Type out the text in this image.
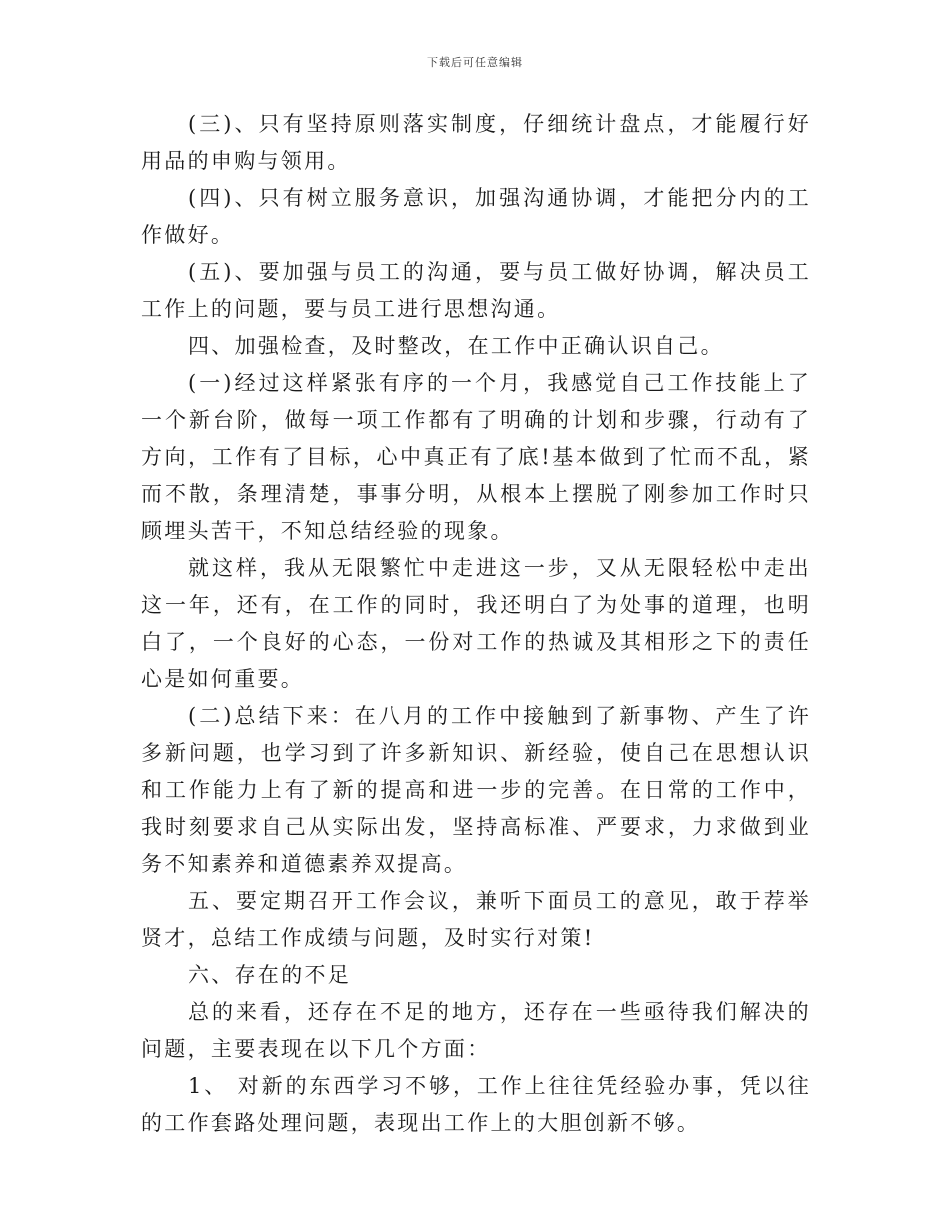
下载后可任意编辑

(三)、只有坚持原则落实制度，仔细统计盘点，才能履行好用品的申购与领用。

(四)、只有树立服务意识，加强沟通协调，才能把分内的工作做好。

(五)、要加强与员工的沟通，要与员工做好协调，解决员工工作上的问题，要与员工进行思想沟通。

四、加强检查，及时整改，在工作中正确认识自己。

(一)经过这样紧张有序的一个月，我感觉自己工作技能上了一个新台阶，做每一项工作都有了明确的计划和步骤，行动有了方向，工作有了目标，心中真正有了底!基本做到了忙而不乱，紧而不散，条理清楚，事事分明，从根本上摆脱了刚参加工作时只顾埋头苦干，不知总结经验的现象。

就这样，我从无限繁忙中走进这一步，又从无限轻松中走出这一年，还有，在工作的同时，我还明白了为处事的道理，也明白了，一个良好的心态，一份对工作的热诚及其相形之下的责任心是如何重要。

(二)总结下来：在八月的工作中接触到了新事物、产生了许多新问题，也学习到了许多新知识、新经验，使自己在思想认识和工作能力上有了新的提高和进一步的完善。在日常的工作中，我时刻要求自己从实际出发，坚持高标准、严要求，力求做到业务不知素养和道德素养双提高。

五、要定期召开工作会议，兼听下面员工的意见，敢于荐举贤才，总结工作成绩与问题，及时实行对策!

六、存在的不足

总的来看，还存在不足的地方，还存在一些亟待我们解决的问题，主要表现在以下几个方面：

1、 对新的东西学习不够，工作上往往凭经验办事，凭以往的工作套路处理问题，表现出工作上的大胆创新不够。
